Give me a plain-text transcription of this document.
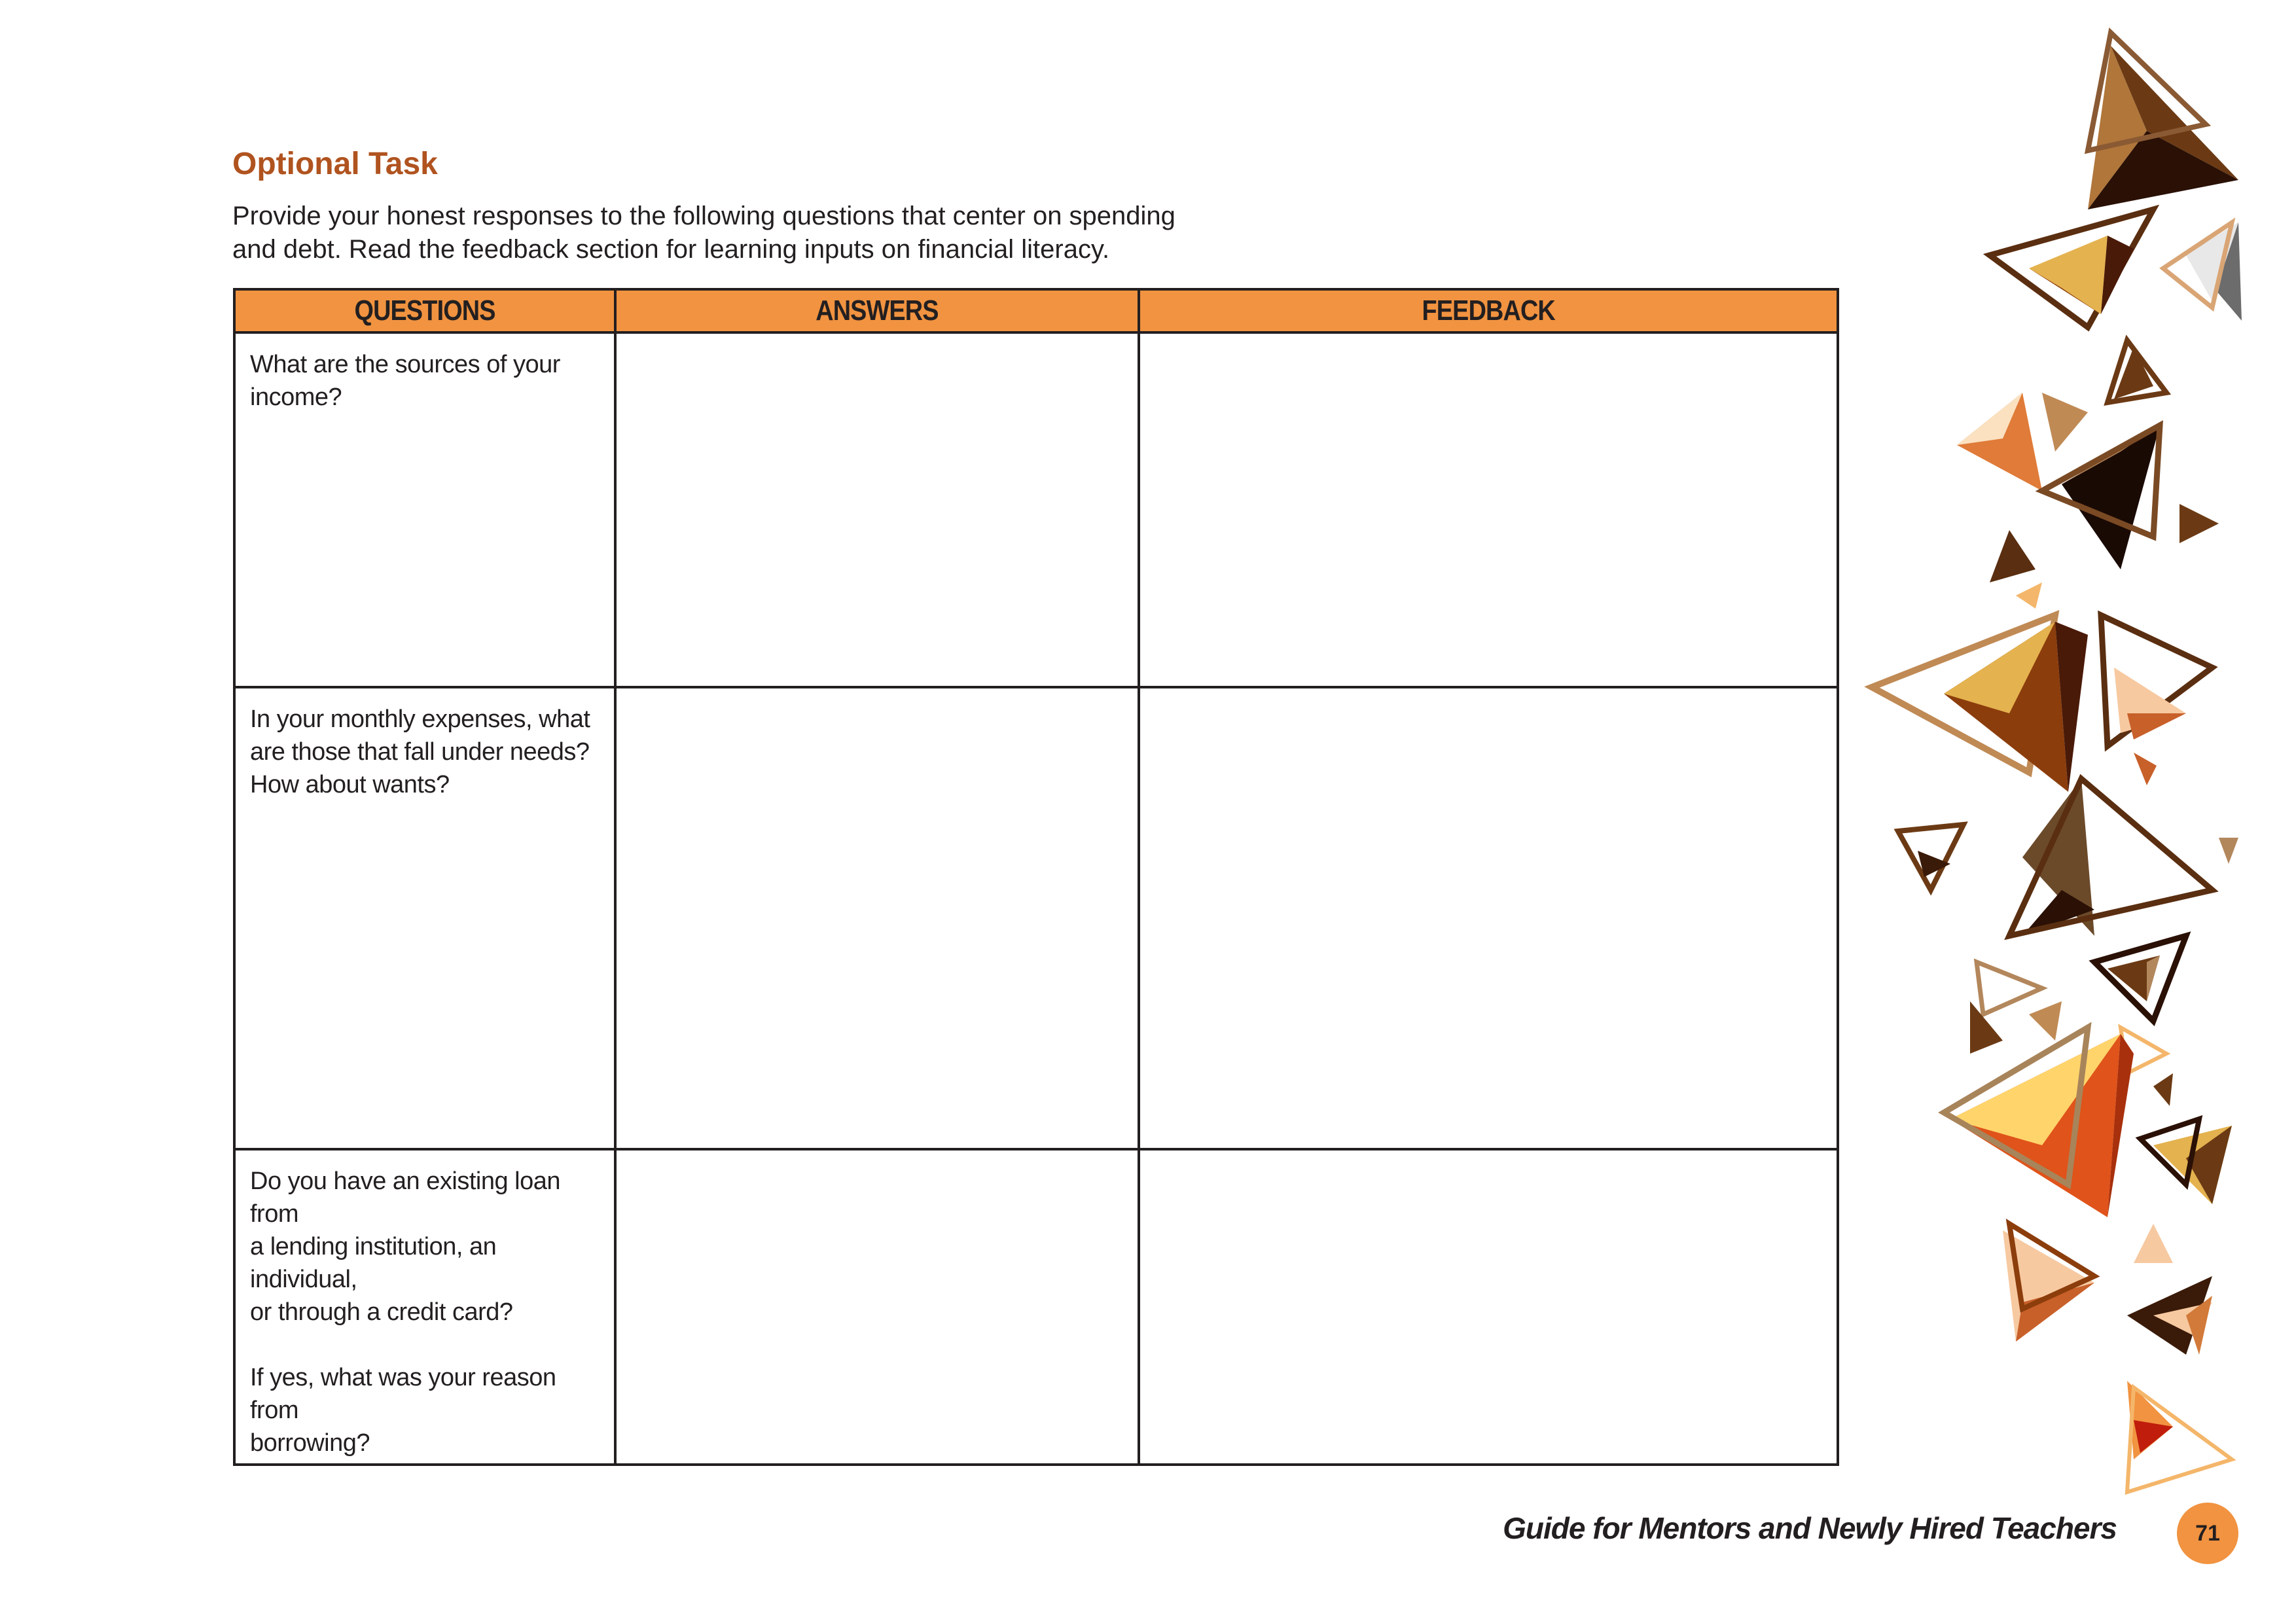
Optional Task

Provide your honest responses to the following questions that center on spending
and debt. Read the feedback section for learning inputs on financial literacy.

QUESTIONS	ANSWERS	FEEDBACK

What are the sources of your
income?		

In your monthly expenses, what
are those that fall under needs?
How about wants?		

Do you have an existing loan from
a lending institution, an individual,
or through a credit card?

If yes, what was your reason from
borrowing?		

Guide for Mentors and Newly Hired Teachers	71
